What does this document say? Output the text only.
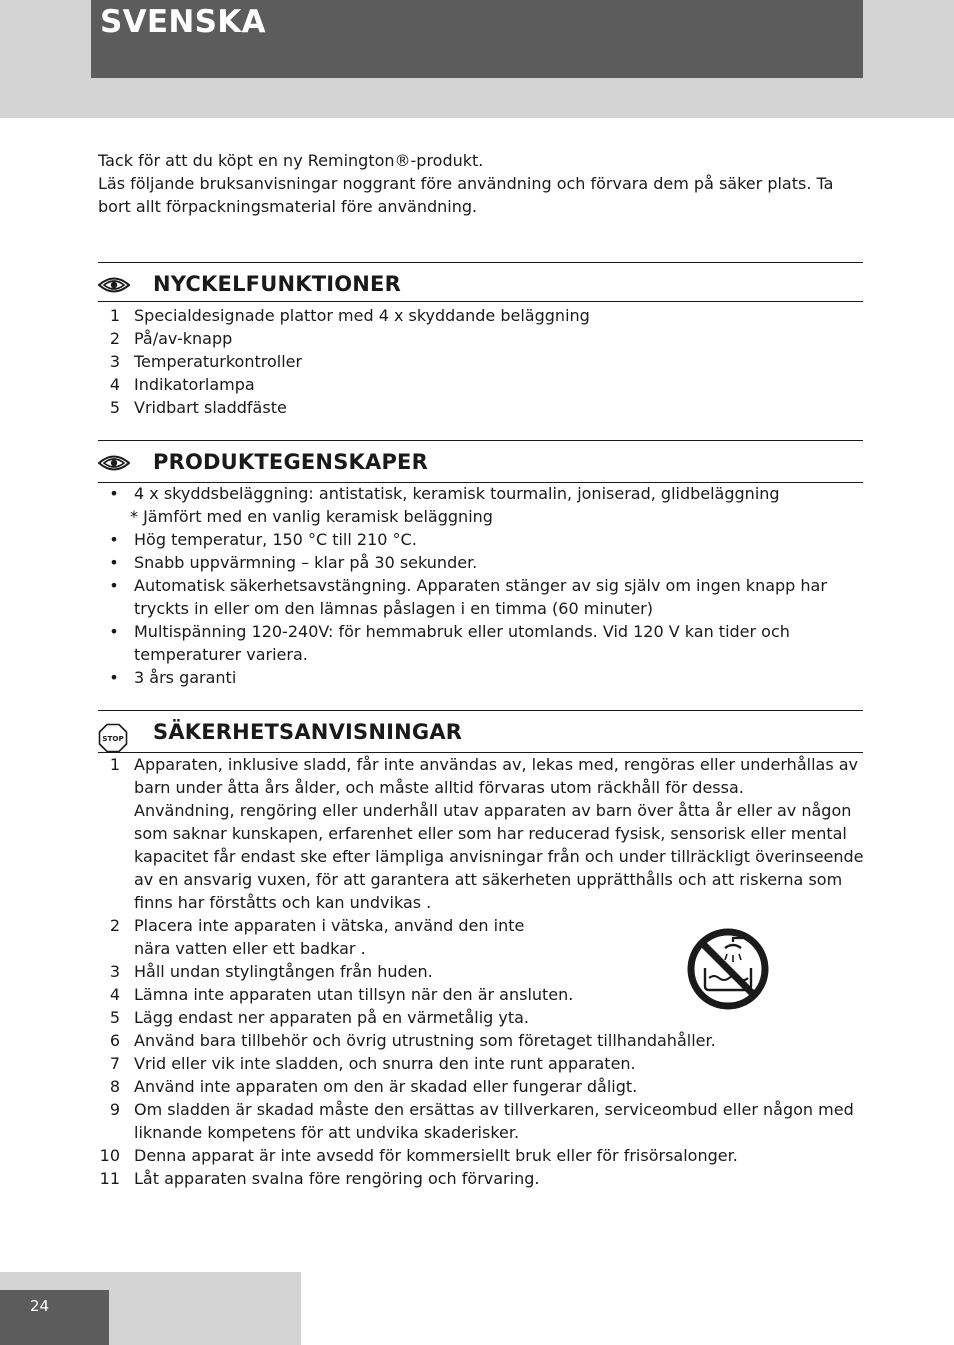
SVENSKA

Tack för att du köpt en ny Remington®-produkt.

Läs följande bruksanvisningar noggrant före användning och förvara dem på säker plats. Ta bort allt förpackningsmaterial före användning.

NYCKELFUNKTIONER
1 Specialdesignade plattor med 4 x skyddande beläggning
2 På/av-knapp
3 Temperaturkontroller
4 Indikatorlampa
5 Vridbart sladdfäste
PRODUKTEGENSKAPER
• 4 x skyddsbeläggning: antistatisk, keramisk tourmalin, joniserad, glidbeläggning
* Jämfört med en vanlig keramisk beläggning
• Hög temperatur, 150 °C till 210 °C.
• Snabb uppvärmning – klar på 30 sekunder.
• Automatisk säkerhetsavstängning. Apparaten stänger av sig själv om ingen knapp har tryckts in eller om den lämnas påslagen i en timma (60 minuter)
• Multispänning 120-240V: för hemmabruk eller utomlands. Vid 120 V kan tider och temperaturer variera.
• 3 års garanti
STOP SÄKERHETSANVISNINGAR
1 Apparaten, inklusive sladd, får inte användas av, lekas med, rengöras eller underhållas av barn under åtta års ålder, och måste alltid förvaras utom räckhåll för dessa.
Användning, rengöring eller underhåll utav apparaten av barn över åtta år eller av någon som saknar kunskapen, erfarenhet eller som har reducerad fysisk, sensorisk eller mental kapacitet får endast ske efter lämpliga anvisningar från och under tillräckligt överinseende av en ansvarig vuxen, för att garantera att säkerheten upprätthålls och att riskerna som finns har förståtts och kan undvikas .
2 Placera inte apparaten i vätska, använd den inte
nära vatten eller ett badkar .
3 Håll undan stylingtången från huden.
4 Lämna inte apparaten utan tillsyn när den är ansluten.
5 Lägg endast ner apparaten på en värmetålig yta.
6 Använd bara tillbehör och övrig utrustning som företaget tillhandahåller.
7 Vrid eller vik inte sladden, och snurra den inte runt apparaten.
8 Använd inte apparaten om den är skadad eller fungerar dåligt.
9 Om sladden är skadad måste den ersättas av tillverkaren, serviceombud eller någon med liknande kompetens för att undvika skaderisker.
10 Denna apparat är inte avsedd för kommersiellt bruk eller för frisörsalonger.
11 Låt apparaten svalna före rengöring och förvaring.
24
